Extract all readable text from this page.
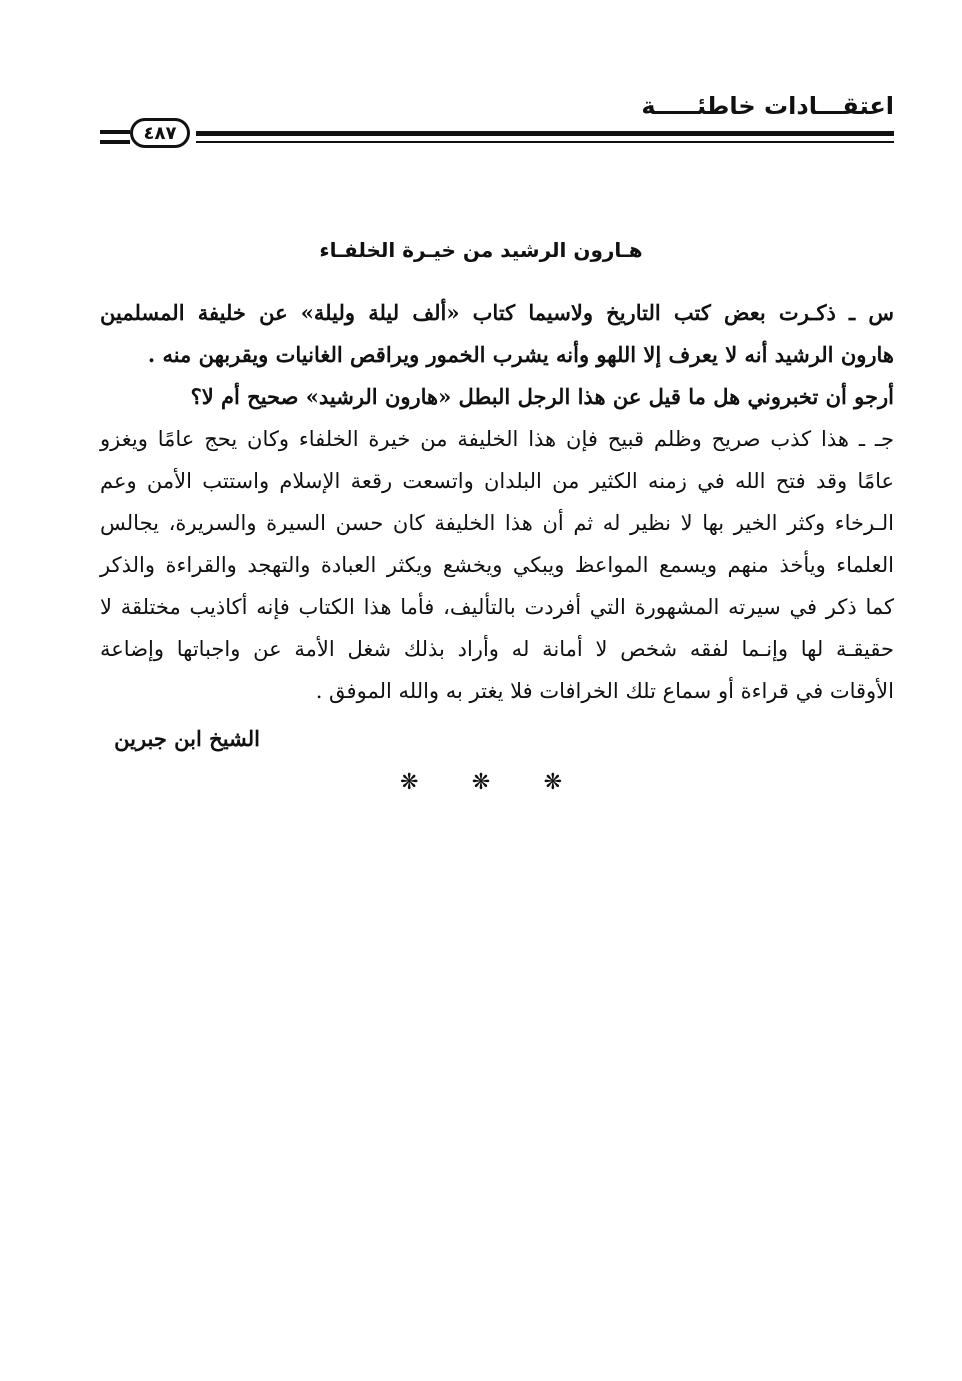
اعتقـــادات خاطئـــــة
٤٨٧
هـارون الرشيد من خيـرة الخلفـاء
س ـ ذكـرت بعض كتب التاريخ ولاسيما كتاب «ألف ليلة وليلة» عن خليفة المسلمين
هارون الرشيد أنه لا يعرف إلا اللهو وأنه يشرب الخمور ويراقص الغانيات ويقربهن منه .
أرجو أن تخبروني هل ما قيل عن هذا الرجل البطل «هارون الرشيد» صحيح أم لا؟
جـ ـ هذا كذب صريح وظلم قبيح فإن هذا الخليفة من خيرة الخلفاء وكان يحج عامًا ويغزو
عامًا وقد فتح الله في زمنه الكثير من البلدان واتسعت رقعة الإسلام واستتب الأمن وعم
الـرخاء وكثر الخير بها لا نظير له ثم أن هذا الخليفة كان حسن السيرة والسريرة، يجالس
العلماء ويأخذ منهم ويسمع المواعظ ويبكي ويخشع ويكثر العبادة والتهجد والقراءة والذكر
كما ذكر في سيرته المشهورة التي أفردت بالتأليف، فأما هذا الكتاب فإنه أكاذيب مختلقة لا
حقيقـة لها وإنـما لفقه شخص لا أمانة له وأراد بذلك شغل الأمة عن واجباتها وإضاعة
الأوقات في قراءة أو سماع تلك الخرافات فلا يغتر به والله الموفق .
الشيخ ابن جبرين
❋ ❋ ❋
